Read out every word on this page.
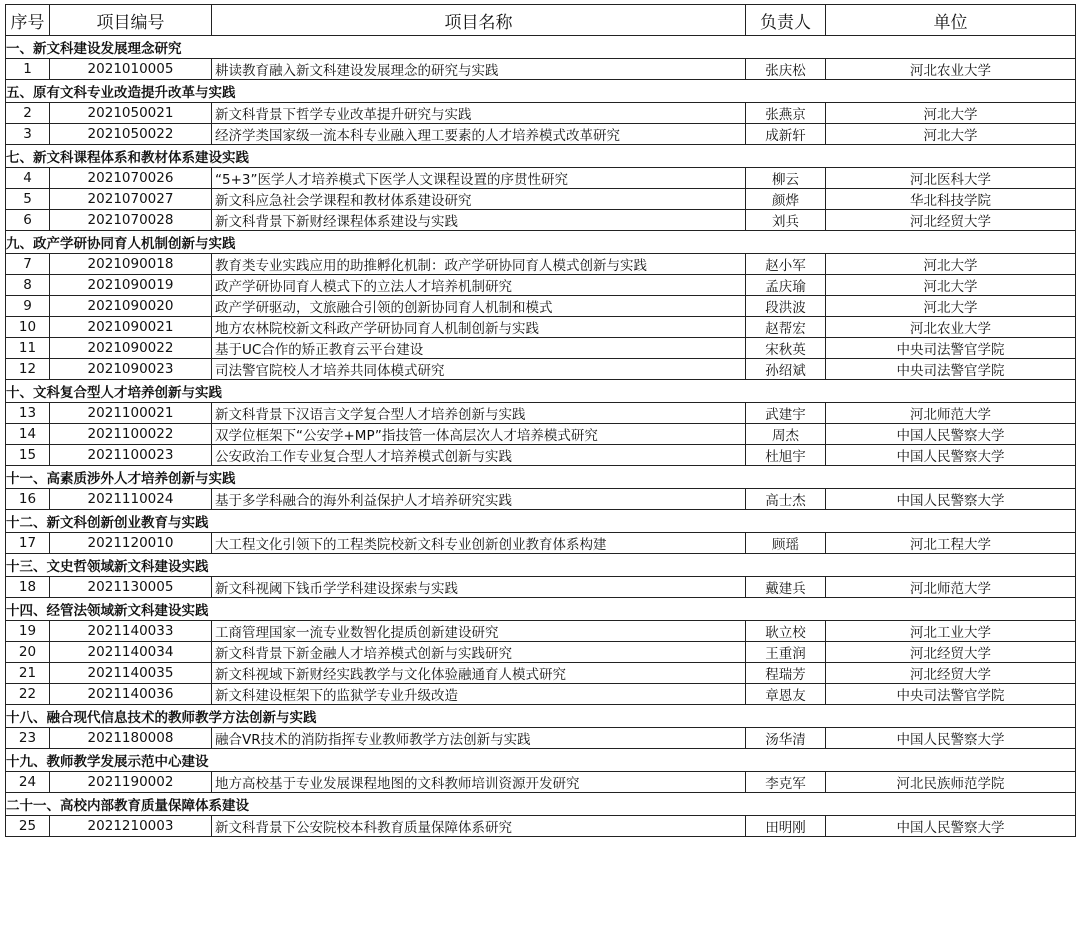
序号	项目编号	项目名称	负责人	单位
一、新文科建设发展理念研究				
1	2021010005	耕读教育融入新文科建设发展理念的研究与实践	张庆松	河北农业大学
五、原有文科专业改造提升改革与实践				
2	2021050021	新文科背景下哲学专业改革提升研究与实践	张燕京	河北大学
3	2021050022	经济学类国家级一流本科专业融入理工要素的人才培养模式改革研究	成新轩	河北大学
七、新文科课程体系和教材体系建设实践				
4	2021070026	“5+3”医学人才培养模式下医学人文课程设置的序贯性研究	柳云	河北医科大学
5	2021070027	新文科应急社会学课程和教材体系建设研究	颜烨	华北科技学院
6	2021070028	新文科背景下新财经课程体系建设与实践	刘兵	河北经贸大学
九、政产学研协同育人机制创新与实践				
7	2021090018	教育类专业实践应用的助推孵化机制：政产学研协同育人模式创新与实践	赵小军	河北大学
8	2021090019	政产学研协同育人模式下的立法人才培养机制研究	孟庆瑜	河北大学
9	2021090020	政产学研驱动，文旅融合引领的创新协同育人机制和模式	段洪波	河北大学
10	2021090021	地方农林院校新文科政产学研协同育人机制创新与实践	赵帮宏	河北农业大学
11	2021090022	基于UC合作的矫正教育云平台建设	宋秋英	中央司法警官学院
12	2021090023	司法警官院校人才培养共同体模式研究	孙绍斌	中央司法警官学院
十、文科复合型人才培养创新与实践				
13	2021100021	新文科背景下汉语言文学复合型人才培养创新与实践	武建宇	河北师范大学
14	2021100022	双学位框架下“公安学+MP”指技管一体高层次人才培养模式研究	周杰	中国人民警察大学
15	2021100023	公安政治工作专业复合型人才培养模式创新与实践	杜旭宇	中国人民警察大学
十一、高素质涉外人才培养创新与实践				
16	2021110024	基于多学科融合的海外利益保护人才培养研究实践	高士杰	中国人民警察大学
十二、新文科创新创业教育与实践				
17	2021120010	大工程文化引领下的工程类院校新文科专业创新创业教育体系构建	顾瑶	河北工程大学
十三、文史哲领域新文科建设实践				
18	2021130005	新文科视阈下钱币学学科建设探索与实践	戴建兵	河北师范大学
十四、经管法领域新文科建设实践				
19	2021140033	工商管理国家一流专业数智化提质创新建设研究	耿立校	河北工业大学
20	2021140034	新文科背景下新金融人才培养模式创新与实践研究	王重润	河北经贸大学
21	2021140035	新文科视域下新财经实践教学与文化体验融通育人模式研究	程瑞芳	河北经贸大学
22	2021140036	新文科建设框架下的监狱学专业升级改造	章恩友	中央司法警官学院
十八、融合现代信息技术的教师教学方法创新与实践				
23	2021180008	融合VR技术的消防指挥专业教师教学方法创新与实践	汤华清	中国人民警察大学
十九、教师教学发展示范中心建设				
24	2021190002	地方高校基于专业发展课程地图的文科教师培训资源开发研究	李克军	河北民族师范学院
二十一、高校内部教育质量保障体系建设				
25	2021210003	新文科背景下公安院校本科教育质量保障体系研究	田明刚	中国人民警察大学
